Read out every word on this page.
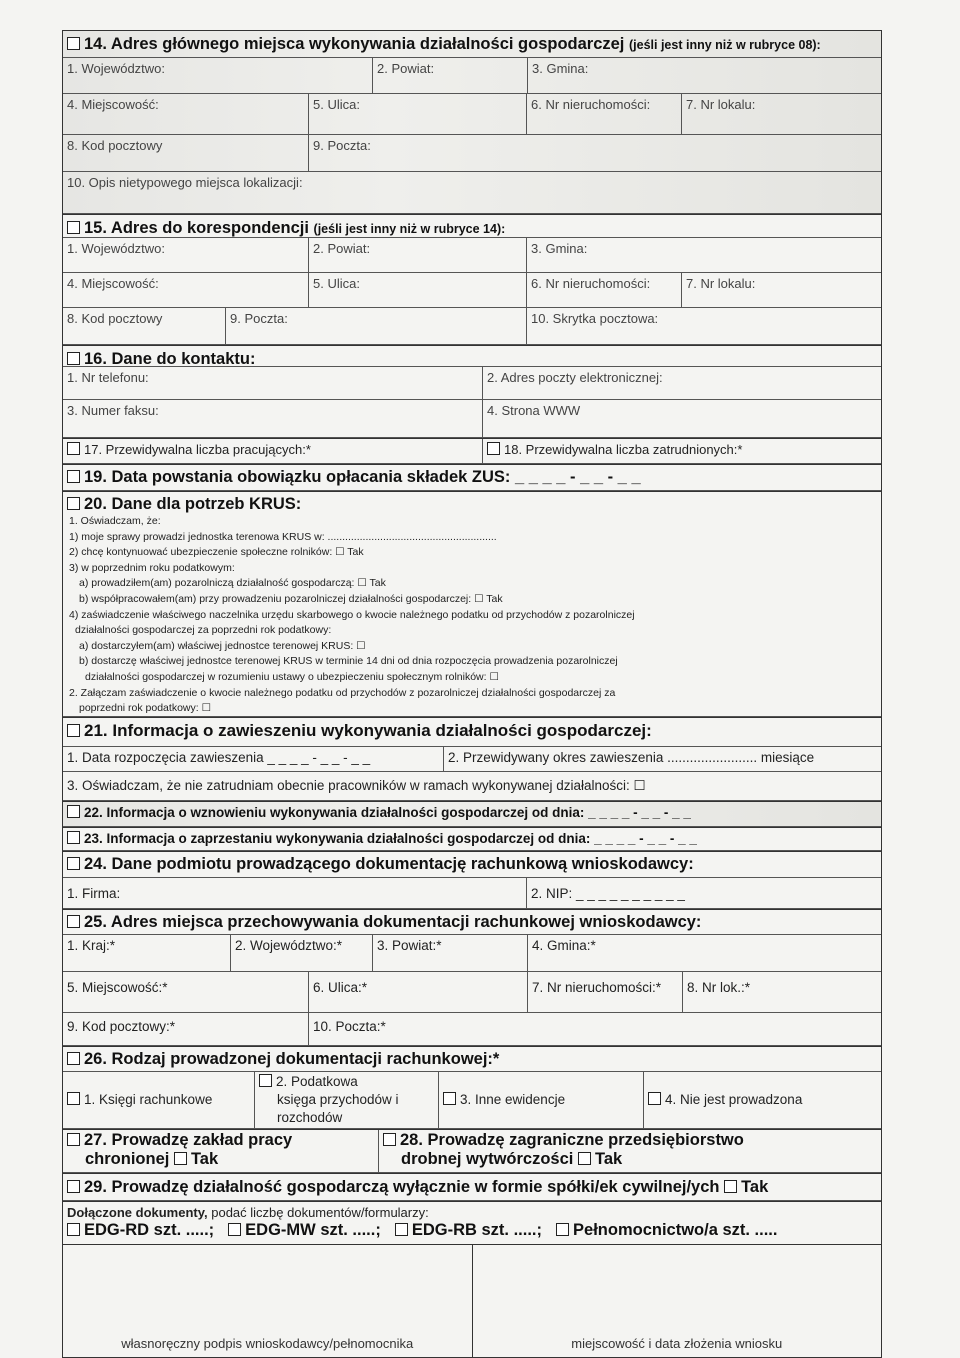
14. Adres głównego miejsca wykonywania działalności gospodarczej (jeśli jest inny niż w rubryce 08):
1. Województwo:	2. Powiat:	3. Gmina:
4. Miejscowość:	5. Ulica:	6. Nr nieruchomości:	7. Nr lokalu:
8. Kod pocztowy	9. Poczta:
10. Opis nietypowego miejsca lokalizacji:
15. Adres do korespondencji (jeśli jest inny niż w rubryce 14):
1. Województwo:	2. Powiat:	3. Gmina:
4. Miejscowość:	5. Ulica:	6. Nr nieruchomości:	7. Nr lokalu:
8. Kod pocztowy	9. Poczta:	10. Skrytka pocztowa:
16. Dane do kontaktu:
1. Nr telefonu:	2. Adres poczty elektronicznej:
3. Numer faksu:	4. Strona WWW
17. Przewidywalna liczba pracujących:*	18. Przewidywalna liczba zatrudnionych:*
19. Data powstania obowiązku opłacania składek ZUS: _ _ _ _ - _ _ - _ _
20. Dane dla potrzeb KRUS:
1. Oświadczam, że:
1) moje sprawy prowadzi jednostka terenowa KRUS w: ..........................................................
2) chcę kontynuować ubezpieczenie społeczne rolników: ☐ Tak
3) w poprzednim roku podatkowym:
a) prowadziłem(am) pozarolniczą działalność gospodarczą: ☐ Tak
b) współpracowałem(am) przy prowadzeniu pozarolniczej działalności gospodarczej: ☐ Tak
4) zaświadczenie właściwego naczelnika urzędu skarbowego o kwocie należnego podatku od przychodów z pozarolniczej
działalności gospodarczej za poprzedni rok podatkowy:
a) dostarczyłem(am) właściwej jednostce terenowej KRUS: ☐
b) dostarczę właściwej jednostce terenowej KRUS w terminie 14 dni od dnia rozpoczęcia prowadzenia pozarolniczej
działalności gospodarczej w rozumieniu ustawy o ubezpieczeniu społecznym rolników: ☐
2. Załączam zaświadczenie o kwocie należnego podatku od przychodów z pozarolniczej działalności gospodarczej za
poprzedni rok podatkowy: ☐
21. Informacja o zawieszeniu wykonywania działalności gospodarczej:
1. Data rozpoczęcia zawieszenia _ _ _ _ - _ _ - _ _	2. Przewidywany okres zawieszenia ........................ miesiące
3. Oświadczam, że nie zatrudniam obecnie pracowników w ramach wykonywanej działalności: ☐
22. Informacja o wznowieniu wykonywania działalności gospodarczej od dnia: _ _ _ _ - _ _ - _ _
23. Informacja o zaprzestaniu wykonywania działalności gospodarczej od dnia: _ _ _ _ - _ _ - _ _
24. Dane podmiotu prowadzącego dokumentację rachunkową wnioskodawcy:
1. Firma:	2. NIP: _ _ _ _ _ _ _ _ _ _
25. Adres miejsca przechowywania dokumentacji rachunkowej wnioskodawcy:
1. Kraj:*	2. Województwo:*	3. Powiat:*	4. Gmina:*
5. Miejscowość:*	6. Ulica:*	7. Nr nieruchomości:*	8. Nr lok.:*
9. Kod pocztowy:*	10. Poczta:*
26. Rodzaj prowadzonej dokumentacji rachunkowej:*
1. Księgi rachunkowe
2. Podatkowa
księga przychodów i
rozchodów
3. Inne ewidencje	4. Nie jest prowadzona
27. Prowadzę zakład pracy
chronionej Tak
28. Prowadzę zagraniczne przedsiębiorstwo
drobnej wytwórczości Tak
29. Prowadzę działalność gospodarczą wyłącznie w formie spółki/ek cywilnej/ych Tak
Dołączone dokumenty, podać liczbę dokumentów/formularzy:
EDG-RD szt. .....;	EDG-MW szt. .....;	EDG-RB szt. .....;	Pełnomocnictwo/a szt. .....
własnoręczny podpis wnioskodawcy/pełnomocnika	miejscowość i data złożenia wniosku
